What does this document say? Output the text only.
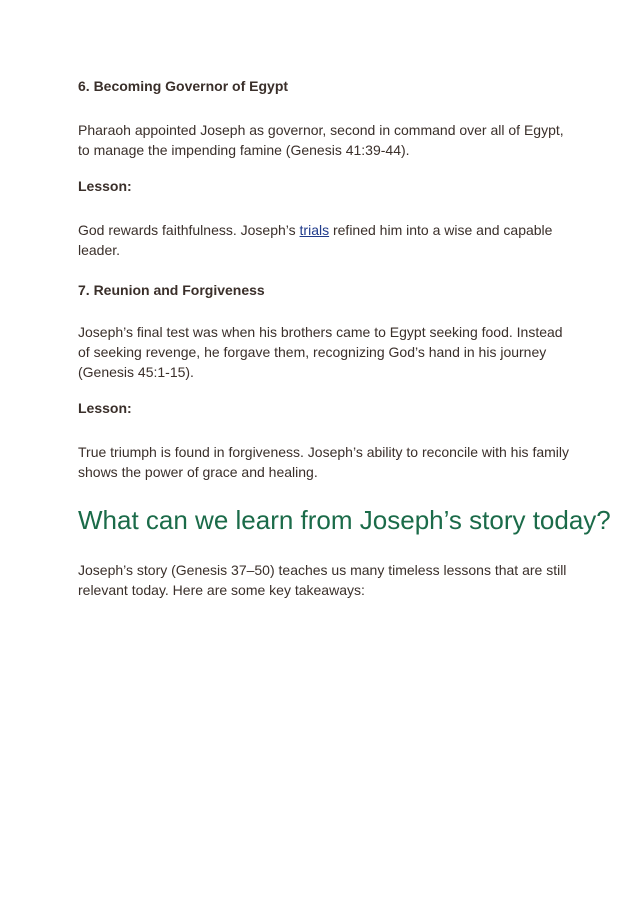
6. Becoming Governor of Egypt
Pharaoh appointed Joseph as governor, second in command over all of Egypt, to manage the impending famine (Genesis 41:39-44).
Lesson:
God rewards faithfulness. Joseph’s trials refined him into a wise and capable leader.
7. Reunion and Forgiveness
Joseph’s final test was when his brothers came to Egypt seeking food. Instead of seeking revenge, he forgave them, recognizing God’s hand in his journey (Genesis 45:1-15).
Lesson:
True triumph is found in forgiveness. Joseph’s ability to reconcile with his family shows the power of grace and healing.
What can we learn from Joseph’s story today?
Joseph’s story (Genesis 37–50) teaches us many timeless lessons that are still relevant today. Here are some key takeaways:
